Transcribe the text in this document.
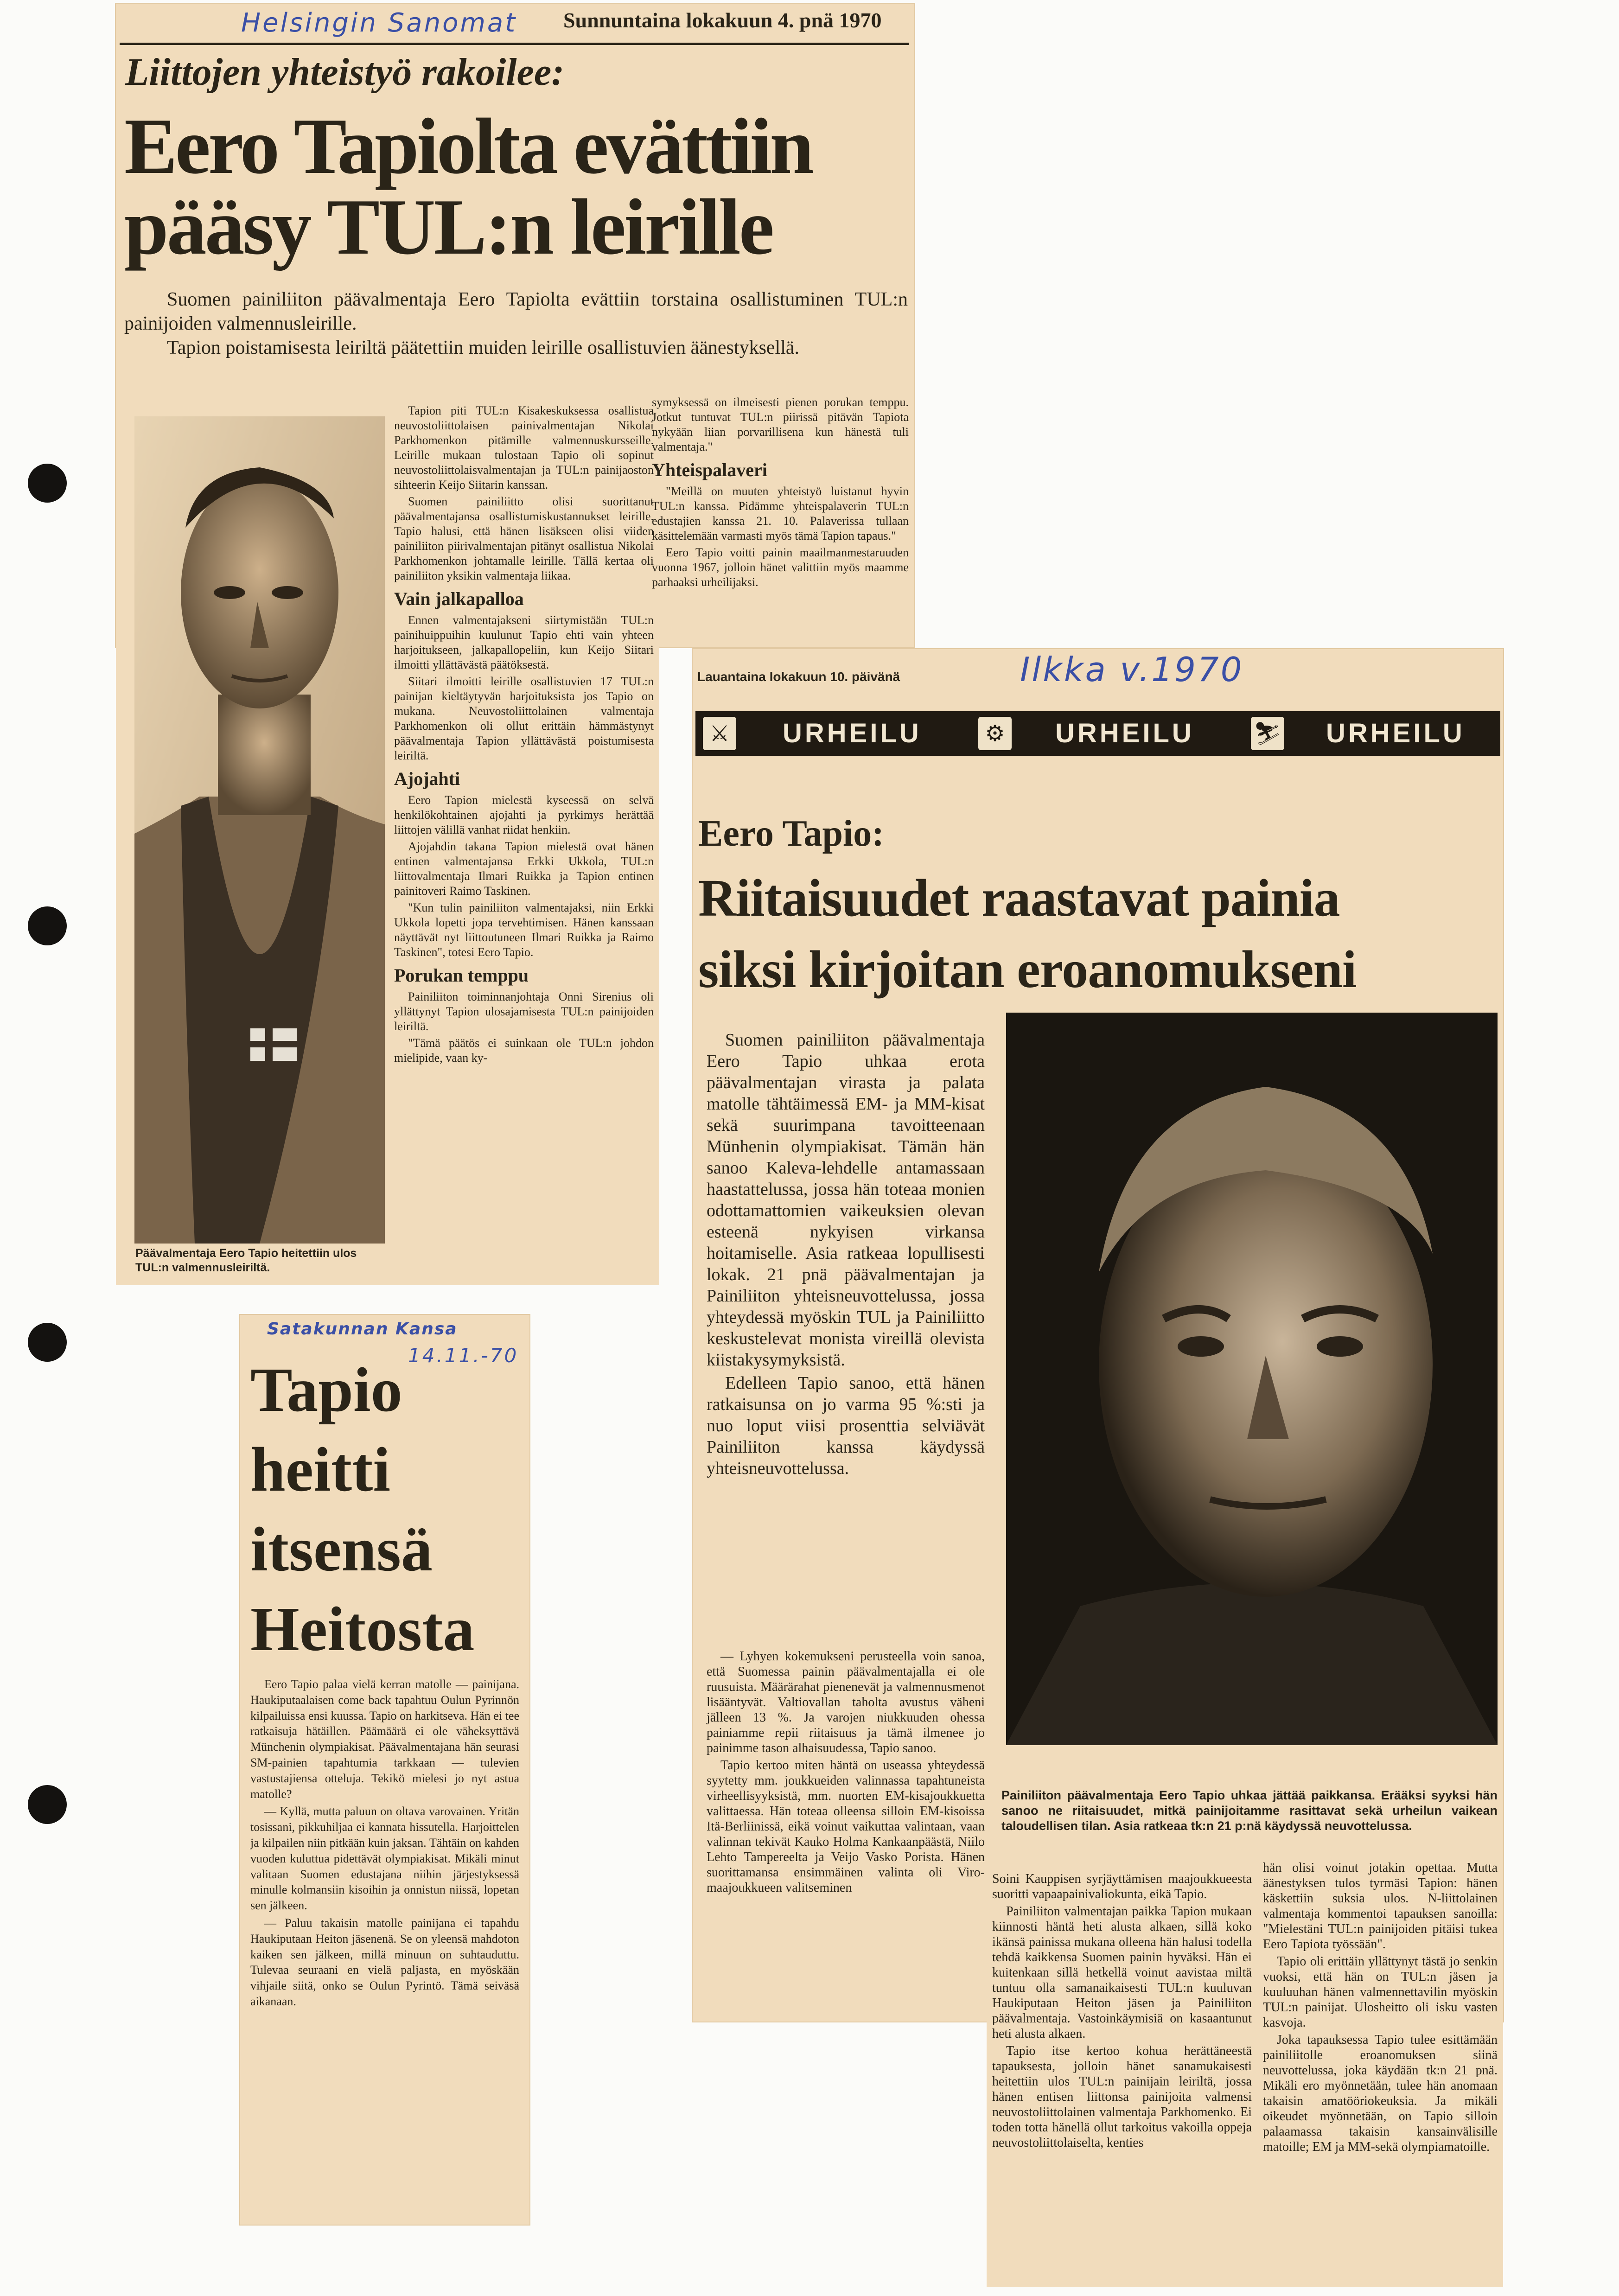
Helsingin Sanomat Sunnuntaina lokakuun 4. pnä 1970
Liittojen yhteistyö rakoilee:
Eero Tapiolta evättiin
pääsy TUL:n leirille

Suomen painiliiton päävalmentaja Eero Tapiolta evättiin torstaina osallistuminen TUL:n painijoiden valmennusleirille.

Tapion poistamisesta leiriltä päätettiin muiden leirille osallistuvien äänestyksellä.

Päävalmentaja Eero Tapio heitettiin ulos TUL:n valmennusleiriltä.

Tapion piti TUL:n Kisakeskuksessa osallistua neuvostoliittolaisen painivalmentajan Nikolai Parkhomenkon pitämille valmennuskursseille. Leirille mukaan tulostaan Tapio oli sopinut neuvostoliittolaisvalmentajan ja TUL:n painijaoston sihteerin Keijo Siitarin kanssan.

Suomen painiliitto olisi suorittanut päävalmentajansa osallistumiskustannukset leirille. Tapio halusi, että hänen lisäkseen olisi viiden painiliiton piirivalmentajan pitänyt osallistua Nikolai Parkhomenkon johtamalle leirille. Tällä kertaa oli painiliiton yksikin valmentaja liikaa.

Vain jalkapalloa

Ennen valmentajakseni siirtymistään TUL:n painihuippuihin kuulunut Tapio ehti vain yhteen harjoitukseen, jalkapallopeliin, kun Keijo Siitari ilmoitti yllättävästä päätöksestä.

Siitari ilmoitti leirille osallistuvien 17 TUL:n painijan kieltäytyvän harjoituksista jos Tapio on mukana. Neuvostoliittolainen valmentaja Parkhomenkon oli ollut erittäin hämmästynyt päävalmentaja Tapion yllättävästä poistumisesta leiriltä.

Ajojahti

Eero Tapion mielestä kyseessä on selvä henkilökohtainen ajojahti ja pyrkimys herättää liittojen välillä vanhat riidat henkiin.

Ajojahdin takana Tapion mielestä ovat hänen entinen valmentajansa Erkki Ukkola, TUL:n liittovalmentaja Ilmari Ruikka ja Tapion entinen painitoveri Raimo Taskinen.

"Kun tulin painiliiton valmentajaksi, niin Erkki Ukkola lopetti jopa tervehtimisen. Hänen kanssaan näyttävät nyt liittoutuneen Ilmari Ruikka ja Raimo Taskinen", totesi Eero Tapio.

Porukan temppu

Painiliiton toiminnanjohtaja Onni Sirenius oli yllättynyt Tapion ulosajamisesta TUL:n painijoiden leiriltä.

"Tämä päätös ei suinkaan ole TUL:n johdon mielipide, vaan ky-

symyksessä on ilmeisesti pienen porukan temppu. Jotkut tuntuvat TUL:n piirissä pitävän Tapiota nykyään liian porvarillisena kun hänestä tuli valmentaja."

Yhteispalaveri

"Meillä on muuten yhteistyö luistanut hyvin TUL:n kanssa. Pidämme yhteispalaverin TUL:n edustajien kanssa 21. 10. Palaverissa tullaan käsittelemään varmasti myös tämä Tapion tapaus."

Eero Tapio voitti painin maailmanmestaruuden vuonna 1967, jolloin hänet valittiin myös maamme parhaaksi urheilijaksi.

Satakunnan Kansa
14.11.-70
Tapio
heitti
itsensä
Heitosta

Eero Tapio palaa vielä kerran matolle — painijana. Haukiputaalaisen come back tapahtuu Oulun Pyrinnön kilpailuissa ensi kuussa. Tapio on harkitseva. Hän ei tee ratkaisuja hätäillen. Päämäärä ei ole väheksyttävä Münchenin olympiakisat. Päävalmentajana hän seurasi SM-painien tapahtumia tarkkaan — tulevien vastustajiensa otteluja. Tekikö mielesi jo nyt astua matolle?

— Kyllä, mutta paluun on oltava varovainen. Yritän tosissani, pikkuhiljaa ei kannata hissutella. Harjoittelen ja kilpailen niin pitkään kuin jaksan. Tähtäin on kahden vuoden kuluttua pidettävät olympiakisat. Mikäli minut valitaan Suomen edustajana niihin järjestyksessä minulle kolmansiin kisoihin ja onnistun niissä, lopetan sen jälkeen.

— Paluu takaisin matolle painijana ei tapahdu Haukiputaan Heiton jäsenenä. Se on yleensä mahdoton kaiken sen jälkeen, millä minuun on suhtauduttu. Tulevaa seuraani en vielä paljasta, en myöskään vihjaile siitä, onko se Oulun Pyrintö. Tämä seiväsä aikanaan.

Lauantaina lokakuun 10. päivänä	Ilkka v.1970
⚔ URHEILU	⚙ URHEILU	⛷ URHEILU
Eero Tapio:
Riitaisuudet raastavat painia
siksi kirjoitan eroanomukseni

Suomen painiliiton päävalmentaja Eero Tapio uhkaa erota päävalmentajan virasta ja palata matolle tähtäimessä EM- ja MM-kisat sekä suurimpana tavoitteenaan Münhenin olympiakisat. Tämän hän sanoo Kaleva-lehdelle antamassaan haastattelussa, jossa hän toteaa monien odottamattomien vaikeuksien olevan esteenä nykyisen virkansa hoitamiselle. Asia ratkeaa lopullisesti lokak. 21 pnä päävalmentajan ja Painiliiton yhteisneuvottelussa, jossa yhteydessä myöskin TUL ja Painiliitto keskustelevat monista vireillä olevista kiistakysymyksistä.

Edelleen Tapio sanoo, että hänen ratkaisunsa on jo varma 95 %:sti ja nuo loput viisi prosenttia selviävät Painiliiton kanssa käydyssä yhteisneuvottelussa.

— Lyhyen kokemukseni perusteella voin sanoa, että Suomessa painin päävalmentajalla ei ole ruusuista. Määrärahat pienenevät ja valmennusmenot lisääntyvät. Valtiovallan taholta avustus väheni jälleen 13 %. Ja varojen niukkuuden ohessa painiamme repii riitaisuus ja tämä ilmenee jo painimme tason alhaisuudessa, Tapio sanoo.

Tapio kertoo miten häntä on useassa yhteydessä syytetty mm. joukkueiden valinnassa tapahtuneista virheellisyyksistä, mm. nuorten EM-kisajoukkuetta valittaessa. Hän toteaa olleensa silloin EM-kisoissa Itä-Berliinissä, eikä voinut vaikuttaa valintaan, vaan valinnan tekivät Kauko Holma Kankaanpäästä, Niilo Lehto Tampereelta ja Veijo Vasko Porista. Hänen suorittamansa ensimmäinen valinta oli Viro-maajoukkueen valitseminen

Painiliiton päävalmentaja Eero Tapio uhkaa jättää paikkansa. Erääksi syyksi hän sanoo ne riitaisuudet, mitkä painijoitamme rasittavat sekä urheilun vaikean taloudellisen tilan. Asia ratkeaa tk:n 21 p:nä käydyssä neuvottelussa.

Soini Kauppisen syrjäyttämisen maajoukkueesta suoritti vapaapainivaliokunta, eikä Tapio.

Painiliiton valmentajan paikka Tapion mukaan kiinnosti häntä heti alusta alkaen, sillä koko ikänsä painissa mukana olleena hän halusi todella tehdä kaikkensa Suomen painin hyväksi. Hän ei kuitenkaan sillä hetkellä voinut aavistaa miltä tuntuu olla samanaikaisesti TUL:n kuuluvan Haukiputaan Heiton jäsen ja Painiliiton päävalmentaja. Vastoinkäymisiä on kasaantunut heti alusta alkaen.

Tapio itse kertoo kohua herättäneestä tapauksesta, jolloin hänet sanamukaisesti heitettiin ulos TUL:n painijain leiriltä, jossa hänen entisen liittonsa painijoita valmensi neuvostoliittolainen valmentaja Parkhomenko. Ei toden totta hänellä ollut tarkoitus vakoilla oppeja neuvostoliittolaiselta, kenties

hän olisi voinut jotakin opettaa. Mutta äänestyksen tulos tyrmäsi Tapion: hänen käskettiin suksia ulos. N-liittolainen valmentaja kommentoi tapauksen sanoilla: "Mielestäni TUL:n painijoiden pitäisi tukea Eero Tapiota työssään".

Tapio oli erittäin yllättynyt tästä jo senkin vuoksi, että hän on TUL:n jäsen ja kuuluuhan hänen valmennettavilin myöskin TUL:n painijat. Ulosheitto oli isku vasten kasvoja.

Joka tapauksessa Tapio tulee esittämään painiliitolle eroanomuksen siinä neuvottelussa, joka käydään tk:n 21 pnä. Mikäli ero myönnetään, tulee hän anomaan takaisin amatööriokeuksia. Ja mikäli oikeudet myönnetään, on Tapio silloin palaamassa takaisin kansainvälisille matoille; EM ja MM-sekä olympiamatoille.
